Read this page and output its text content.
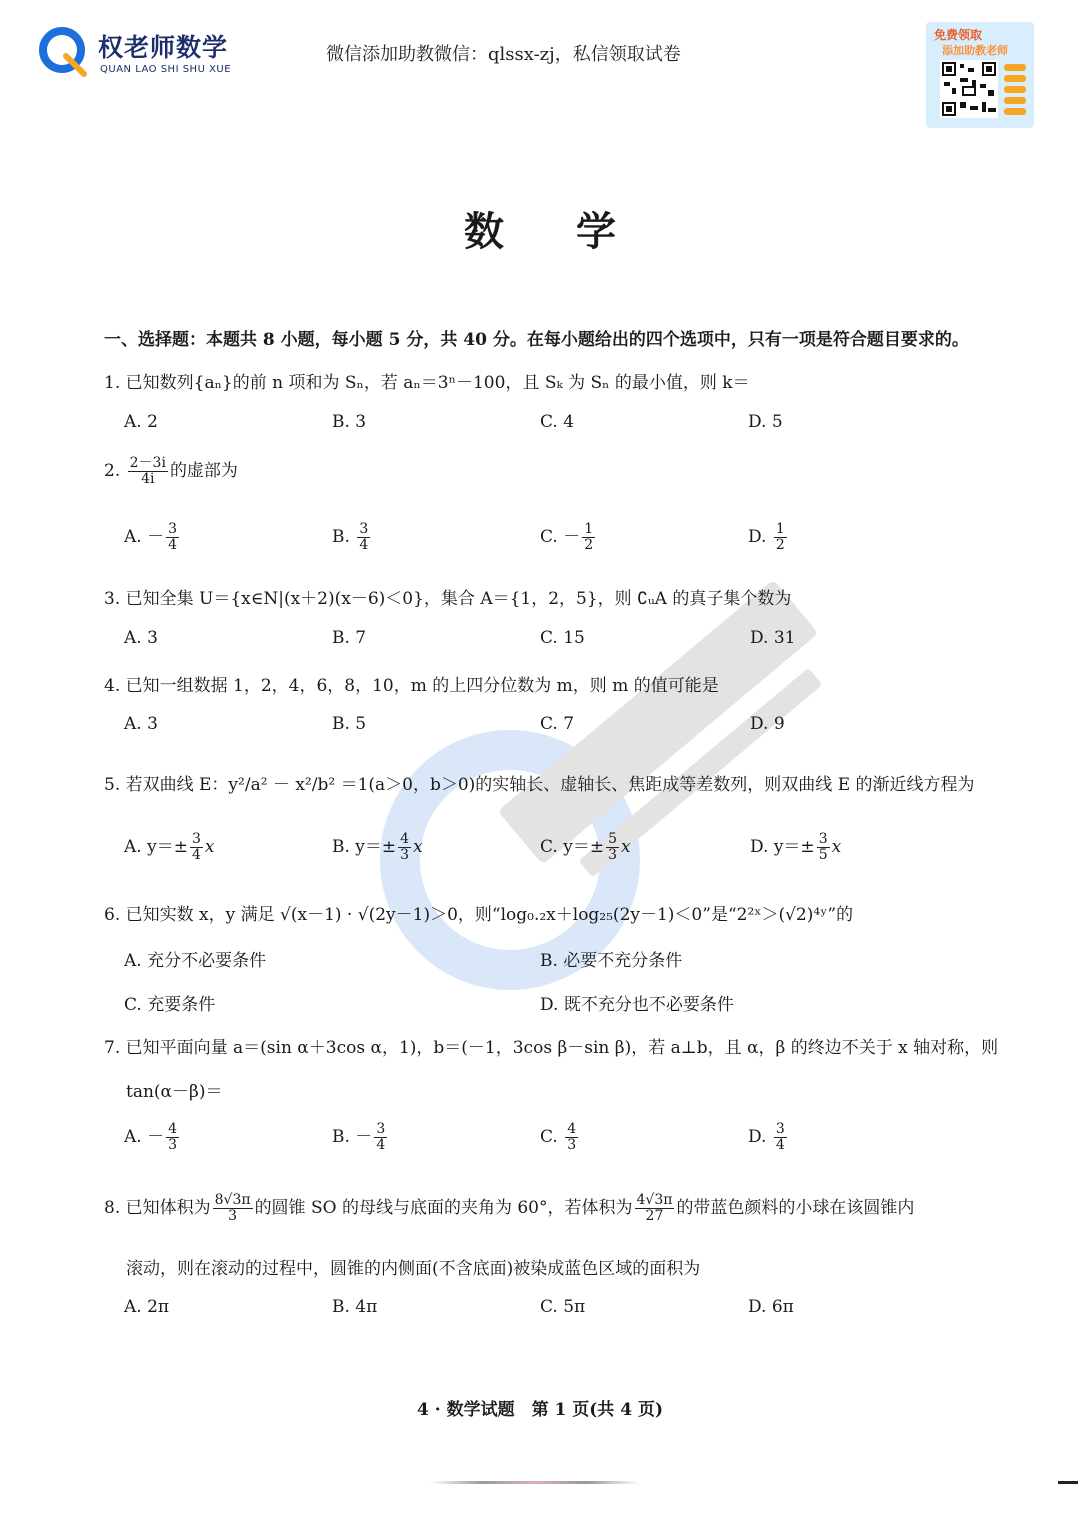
权老师数学
QUAN LAO SHI SHU XUE
微信添加助教微信：qlssx-zj，私信领取试卷
免费领取
添加助教老师
数 学
一、选择题：本题共 8 小题，每小题 5 分，共 40 分。在每小题给出的四个选项中，只有一项是符合题目要求的。
1. 已知数列{aₙ}的前 n 项和为 Sₙ，若 aₙ＝3ⁿ－100，且 Sₖ 为 Sₙ 的最小值，则 k＝
A. 2	B. 3	C. 4	D. 5
2. $\frac{2-3i}{4i}$ 的虚部为
A. － $\frac{3}{4}$	B. $\frac{3}{4}$	C. － $\frac{1}{2}$	D. $\frac{1}{2}$
3. 已知全集 U＝{x∈N|(x＋2)(x－6)＜0}，集合 A＝{1，2，5}，则 ∁ᵤA 的真子集个数为
A. 3	B. 7	C. 15	D. 31
4. 已知一组数据 1，2，4，6，8，10，m 的上四分位数为 m，则 m 的值可能是
A. 3	B. 5	C. 7	D. 9
5. 若双曲线 E：y²/a² － x²/b² ＝1(a＞0，b＞0)的实轴长、虚轴长、焦距成等差数列，则双曲线 E 的渐近线方程为
A. $y=\pm \frac{3}{4}$ x	B. $y=\pm \frac{4}{3}$ x	C. $y=\pm \frac{5}{3}$ x	D. $y=\pm \frac{3}{5}$ x
6. 已知实数 x，y 满足 √(x－1) · √(2y－1)＞0，则“log₀.₂x＋log₂₅(2y－1)＜0”是“2²ˣ＞(√2)⁴ʸ”的
A. 充分不必要条件	B. 必要不充分条件
C. 充要条件	D. 既不充分也不必要条件
7. 已知平面向量 a＝(sin α＋3cos α，1)，b＝(－1，3cos β－sin β)，若 a⊥b，且 α，β 的终边不关于 x 轴对称，则
tan(α－β)＝
A. － $\frac{4}{3}$	B. － $\frac{3}{4}$	C. $\frac{4}{3}$	D. $\frac{3}{4}$
8. 已知体积为 $\frac{8√3\pi}{3}$ 的圆锥 SO 的母线与底面的夹角为 60°，若体积为 $\frac{4√3\pi}{27}$ 的带蓝色颜料的小球在该圆锥内
滚动，则在滚动的过程中，圆锥的内侧面(不含底面)被染成蓝色区域的面积为
A. 2π	B. 4π	C. 5π	D. 6π
4 · 数学试题　第 1 页(共 4 页)
